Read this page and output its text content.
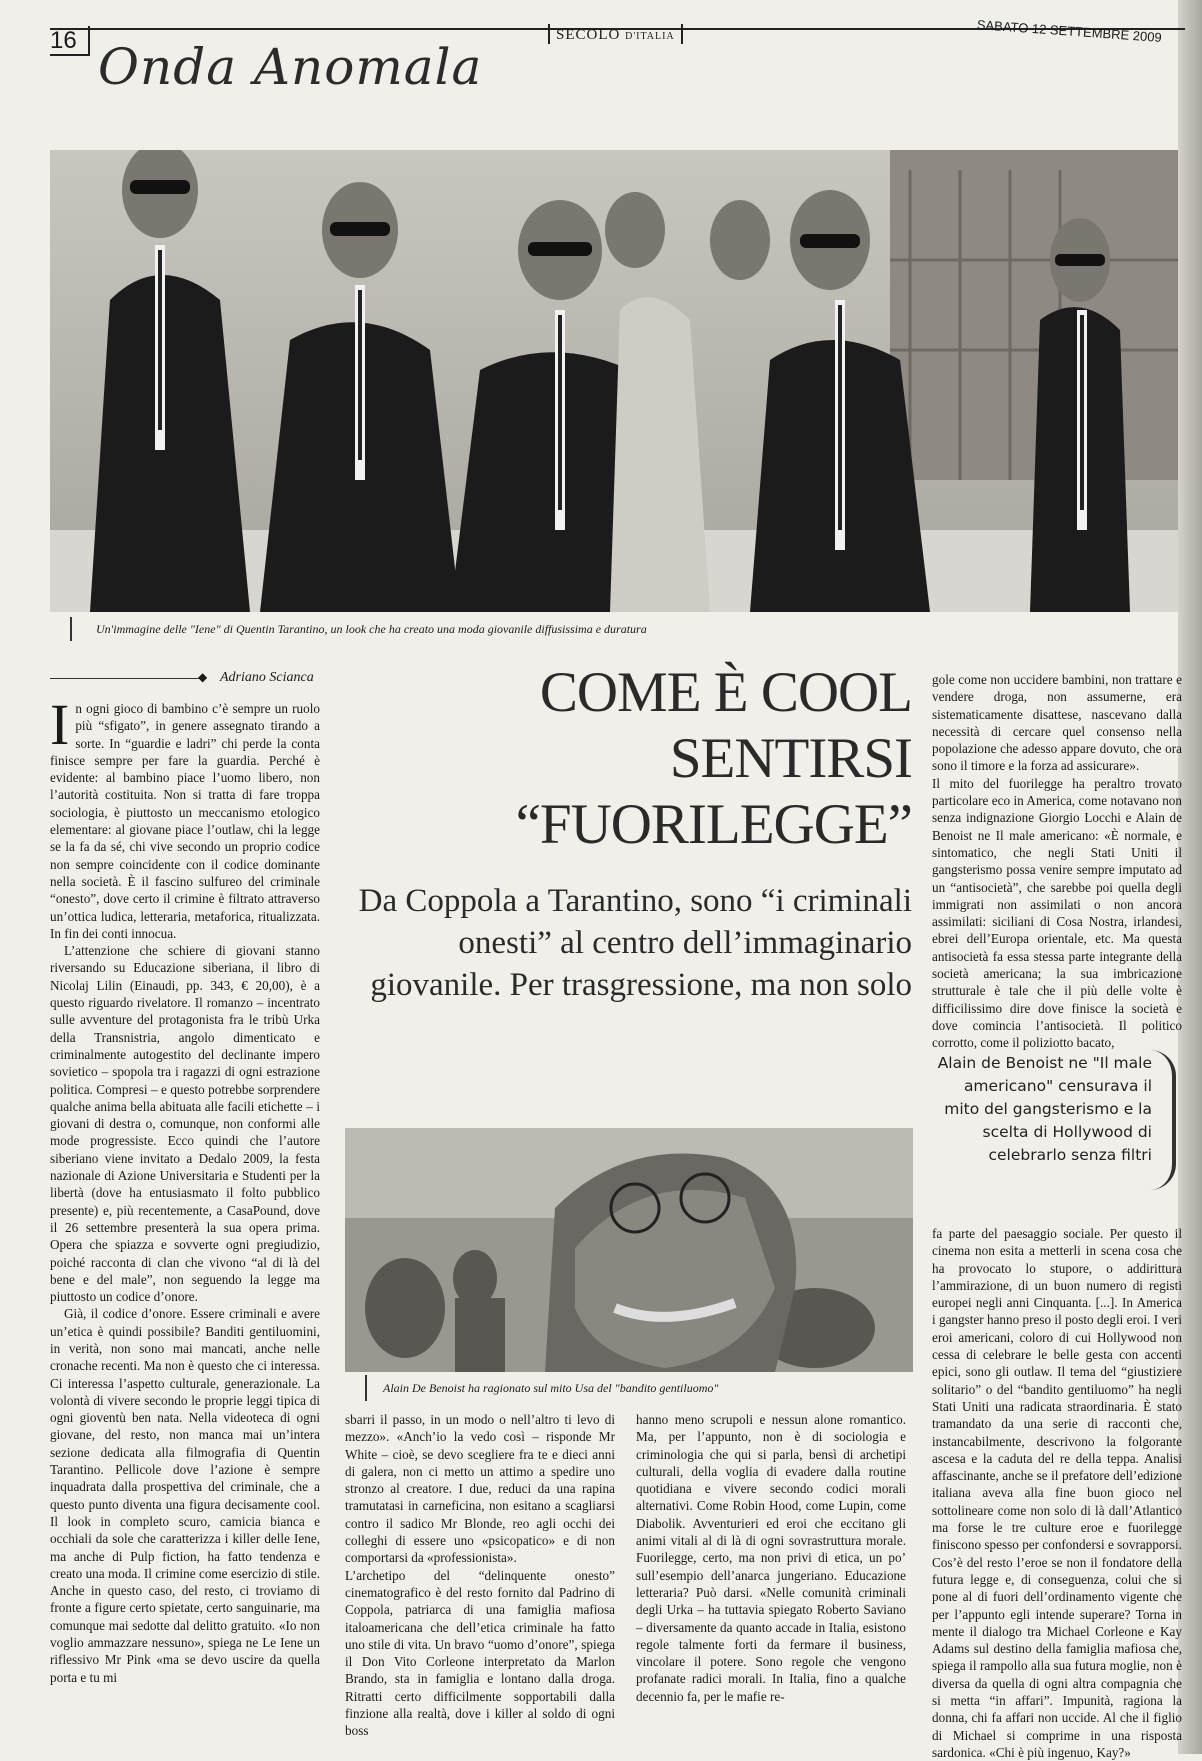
16 Onda Anomala
SECOLO D'ITALIA	SABATO 12 SETTEMBRE 2009
Un'immagine delle "Iene" di Quentin Tarantino, un look che ha creato una moda giovanile diffusissima e duratura
◆ Adriano Scianca

In ogni gioco di bambino c’è sempre un ruolo più “sfigato”, in genere assegnato tirando a sorte. In “guardie e ladri” chi perde la conta finisce sempre per fare la guardia. Perché è evidente: al bambino piace l’uomo libero, non l’autorità costituita. Non si tratta di fare troppa sociologia, è piuttosto un meccanismo etologico elementare: al giovane piace l’outlaw, chi la legge se la fa da sé, chi vive secondo un proprio codice non sempre coincidente con il codice dominante nella società. È il fascino sulfureo del criminale “onesto”, dove certo il crimine è filtrato attraverso un’ottica ludica, letteraria, metaforica, ritualizzata. In fin dei conti innocua.

L’attenzione che schiere di giovani stanno riversando su Educazione siberiana, il libro di Nicolaj Lilin (Einaudi, pp. 343, € 20,00), è a questo riguardo rivelatore. Il romanzo – incentrato sulle avventure del protagonista fra le tribù Urka della Transnistria, angolo dimenticato e criminalmente autogestito del declinante impero sovietico – spopola tra i ragazzi di ogni estrazione politica. Compresi – e questo potrebbe sorprendere qualche anima bella abituata alle facili etichette – i giovani di destra o, comunque, non conformi alle mode progressiste. Ecco quindi che l’autore siberiano viene invitato a Dedalo 2009, la festa nazionale di Azione Universitaria e Studenti per la libertà (dove ha entusiasmato il folto pubblico presente) e, più recentemente, a CasaPound, dove il 26 settembre presenterà la sua opera prima. Opera che spiazza e sovverte ogni pregiudizio, poiché racconta di clan che vivono “al di là del bene e del male”, non seguendo la legge ma piuttosto un codice d’onore.

Già, il codice d’onore. Essere criminali e avere un’etica è quindi possibile? Banditi gentiluomini, in verità, non sono mai mancati, anche nelle cronache recenti. Ma non è questo che ci interessa. Ci interessa l’aspetto culturale, generazionale. La volontà di vivere secondo le proprie leggi tipica di ogni gioventù ben nata. Nella videoteca di ogni giovane, del resto, non manca mai un’intera sezione dedicata alla filmografia di Quentin Tarantino. Pellicole dove l’azione è sempre inquadrata dalla prospettiva del criminale, che a questo punto diventa una figura decisamente cool. Il look in completo scuro, camicia bianca e occhiali da sole che caratterizza i killer delle Iene, ma anche di Pulp fiction, ha fatto tendenza e creato una moda. Il crimine come esercizio di stile. Anche in questo caso, del resto, ci troviamo di fronte a figure certo spietate, certo sanguinarie, ma comunque mai sedotte dal delitto gratuito. «Io non voglio ammazzare nessuno», spiega ne Le Iene un riflessivo Mr Pink «ma se devo uscire da quella porta e tu mi

COME È COOL
SENTIRSI
“FUORILEGGE”
Da Coppola a Tarantino, sono “i criminali onesti” al centro dell’immaginario giovanile. Per trasgressione, ma non solo
gole come non uccidere bambini, non trattare e vendere droga, non assumerne, era sistematicamente disattese, nascevano dalla necessità di cercare quel consenso nella popolazione che adesso appare dovuto, che ora sono il timore e la forza ad assicurare».
Il mito del fuorilegge ha peraltro trovato particolare eco in America, come notavano non senza indignazione Giorgio Locchi e Alain de Benoist ne Il male americano: «È normale, e sintomatico, che negli Stati Uniti il gangsterismo possa venire sempre imputato ad un “antisocietà”, che sarebbe poi quella degli immigrati non assimilati o non ancora assimilati: siciliani di Cosa Nostra, irlandesi, ebrei dell’Europa orientale, etc. Ma questa antisocietà fa essa stessa parte integrante della società americana; la sua imbricazione strutturale è tale che il più delle volte è difficilissimo dire dove finisce la società e dove comincia l’antisocietà. Il politico corrotto, come il poliziotto bacato,
Alain de Benoist ne "Il male americano" censurava il mito del gangsterismo e la scelta di Hollywood di celebrarlo senza filtri
Alain De Benoist ha ragionato sul mito Usa del "bandito gentiluomo"
fa parte del paesaggio sociale. Per questo il cinema non esita a metterli in scena cosa che ha provocato lo stupore, o addirittura l’ammirazione, di un buon numero di registi europei negli anni Cinquanta. [...]. In America i gangster hanno preso il posto degli eroi. I veri eroi americani, coloro di cui Hollywood non cessa di celebrare le belle gesta con accenti epici, sono gli outlaw. Il tema del “giustiziere solitario” o del “bandito gentiluomo” ha negli Stati Uniti una radicata straordinaria. È stato tramandato da una serie di racconti che, instancabilmente, descrivono la folgorante ascesa e la caduta del re della teppa. Analisi affascinante, anche se il prefatore dell’edizione italiana aveva alla fine buon gioco nel sottolineare come non solo di là dall’Atlantico ma forse le tre culture eroe e fuorilegge finiscono spesso per confondersi e sovrapporsi. Cos’è del resto l’eroe se non il fondatore della futura legge e, di conseguenza, colui che si pone al di fuori dell’ordinamento vigente che per l’appunto egli intende superare? Torna in mente il dialogo tra Michael Corleone e Kay Adams sul destino della famiglia mafiosa che, spiega il rampollo alla sua futura moglie, non è diversa da quella di ogni altra compagnia che si metta “in affari”. Impunità, ragiona la donna, chi fa affari non uccide. Al che il figlio di Michael si comprime in una risposta sardonica. «Chi è più ingenuo, Kay?»
sbarri il passo, in un modo o nell’altro ti levo di mezzo». «Anch’io la vedo così – risponde Mr White – cioè, se devo scegliere fra te e dieci anni di galera, non ci metto un attimo a spedire uno stronzo al creatore. I due, reduci da una rapina tramutatasi in carneficina, non esitano a scagliarsi contro il sadico Mr Blonde, reo agli occhi dei colleghi di essere uno «psicopatico» e di non comportarsi da «professionista».
L’archetipo del “delinquente onesto” cinematografico è del resto fornito dal Padrino di Coppola, patriarca di una famiglia mafiosa italoamericana che dell’etica criminale ha fatto uno stile di vita. Un bravo “uomo d’onore”, spiega il Don Vito Corleone interpretato da Marlon Brando, sta in famiglia e lontano dalla droga. Ritratti certo difficilmente sopportabili dalla finzione alla realtà, dove i killer al soldo di ogni boss
hanno meno scrupoli e nessun alone romantico. Ma, per l’appunto, non è di sociologia e criminologia che qui si parla, bensì di archetipi culturali, della voglia di evadere dalla routine quotidiana e vivere secondo codici morali alternativi. Come Robin Hood, come Lupin, come Diabolik. Avventurieri ed eroi che eccitano gli animi vitali al di là di ogni sovrastruttura morale. Fuorilegge, certo, ma non privi di etica, un po’ sull’esempio dell’anarca jungeriano. Educazione letteraria? Può darsi. «Nelle comunità criminali degli Urka – ha tuttavia spiegato Roberto Saviano – diversamente da quanto accade in Italia, esistono regole talmente forti da fermare il business, vincolare il potere. Sono regole che vengono profanate radici morali. In Italia, fino a qualche decennio fa, per le mafie re-
